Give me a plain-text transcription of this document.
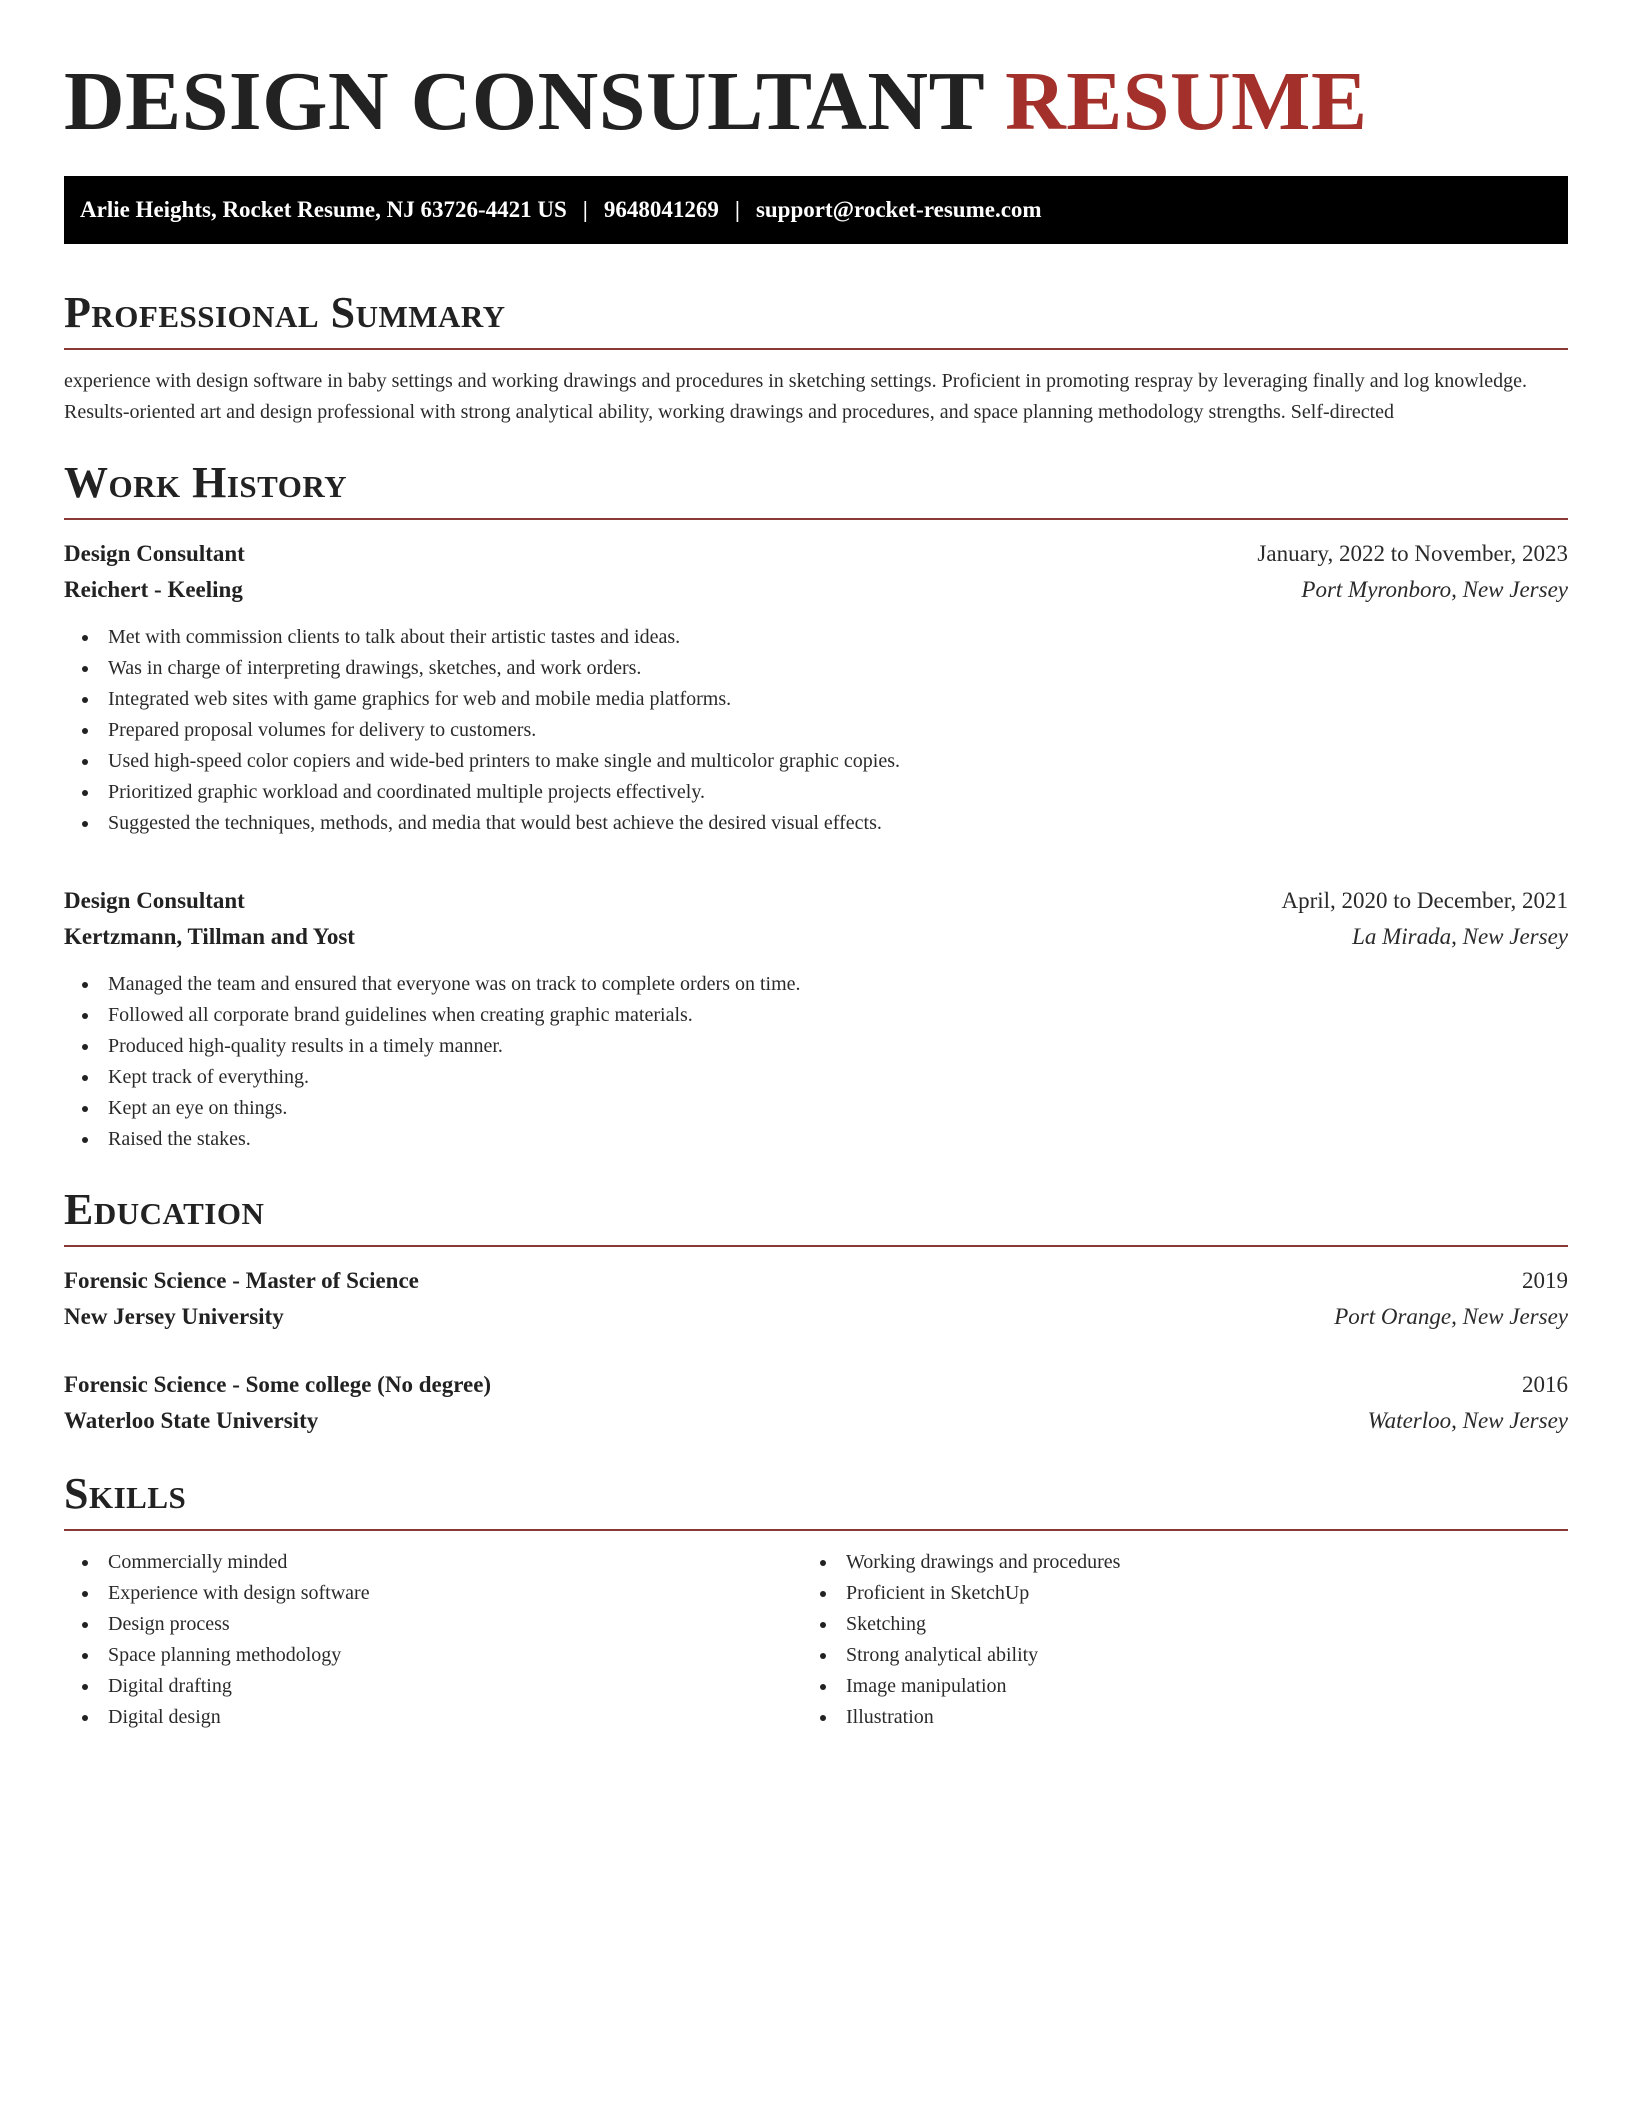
DESIGN CONSULTANT RESUME
Arlie Heights, Rocket Resume, NJ 63726-4421 US | 9648041269 | support@rocket-resume.com
Professional Summary

experience with design software in baby settings and working drawings and procedures in sketching settings. Proficient in promoting respray by leveraging finally and log knowledge. Results-oriented art and design professional with strong analytical ability, working drawings and procedures, and space planning methodology strengths. Self-directed

Work History
Design Consultant	January, 2022 to November, 2023
Reichert - Keeling	Port Myronboro, New Jersey
Met with commission clients to talk about their artistic tastes and ideas.
Was in charge of interpreting drawings, sketches, and work orders.
Integrated web sites with game graphics for web and mobile media platforms.
Prepared proposal volumes for delivery to customers.
Used high-speed color copiers and wide-bed printers to make single and multicolor graphic copies.
Prioritized graphic workload and coordinated multiple projects effectively.
Suggested the techniques, methods, and media that would best achieve the desired visual effects.
Design Consultant	April, 2020 to December, 2021
Kertzmann, Tillman and Yost	La Mirada, New Jersey
Managed the team and ensured that everyone was on track to complete orders on time.
Followed all corporate brand guidelines when creating graphic materials.
Produced high-quality results in a timely manner.
Kept track of everything.
Kept an eye on things.
Raised the stakes.
Education
Forensic Science - Master of Science	2019
New Jersey University	Port Orange, New Jersey
Forensic Science - Some college (No degree)	2016
Waterloo State University	Waterloo, New Jersey
Skills
Commercially minded
Experience with design software
Design process
Space planning methodology
Digital drafting
Digital design
Working drawings and procedures
Proficient in SketchUp
Sketching
Strong analytical ability
Image manipulation
Illustration
